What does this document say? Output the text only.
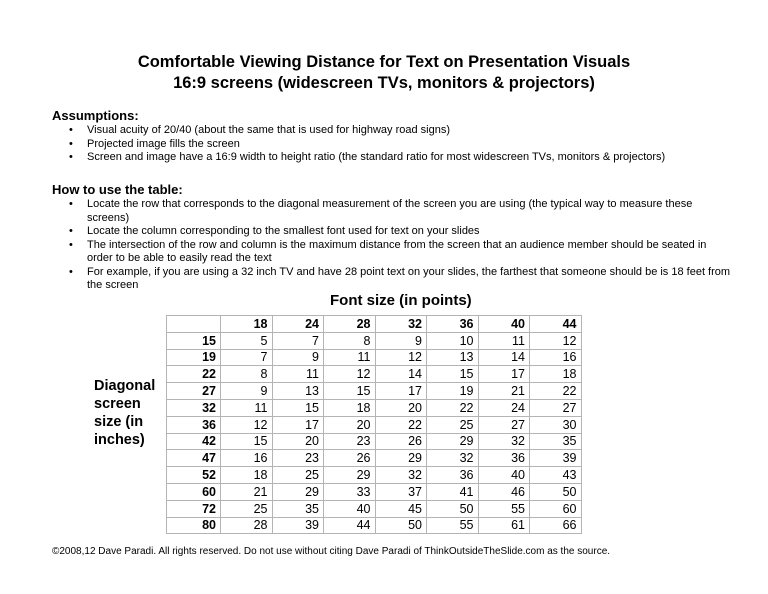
Comfortable Viewing Distance for Text on Presentation Visuals
16:9 screens (widescreen TVs, monitors & projectors)
Assumptions:
• Visual acuity of 20/40 (about the same that is used for highway road signs)
• Projected image fills the screen
• Screen and image have a 16:9 width to height ratio (the standard ratio for most widescreen TVs, monitors & projectors)
How to use the table:
• Locate the row that corresponds to the diagonal measurement of the screen you are using (the typical way to measure these screens)
• Locate the column corresponding to the smallest font used for text on your slides
• The intersection of the row and column is the maximum distance from the screen that an audience member should be seated in order to be able to easily read the text
• For example, if you are using a 32 inch TV and have 28 point text on your slides, the farthest that someone should be is 18 feet from the screen
Font size (in points)
Diagonal screen size (in inches)
	18	24	28	32	36	40	44
15	5	7	8	9	10	11	12
19	7	9	11	12	13	14	16
22	8	11	12	14	15	17	18
27	9	13	15	17	19	21	22
32	11	15	18	20	22	24	27
36	12	17	20	22	25	27	30
42	15	20	23	26	29	32	35
47	16	23	26	29	32	36	39
52	18	25	29	32	36	40	43
60	21	29	33	37	41	46	50
72	25	35	40	45	50	55	60
80	28	39	44	50	55	61	66
©2008,12 Dave Paradi. All rights reserved. Do not use without citing Dave Paradi of ThinkOutsideTheSlide.com as the source.
